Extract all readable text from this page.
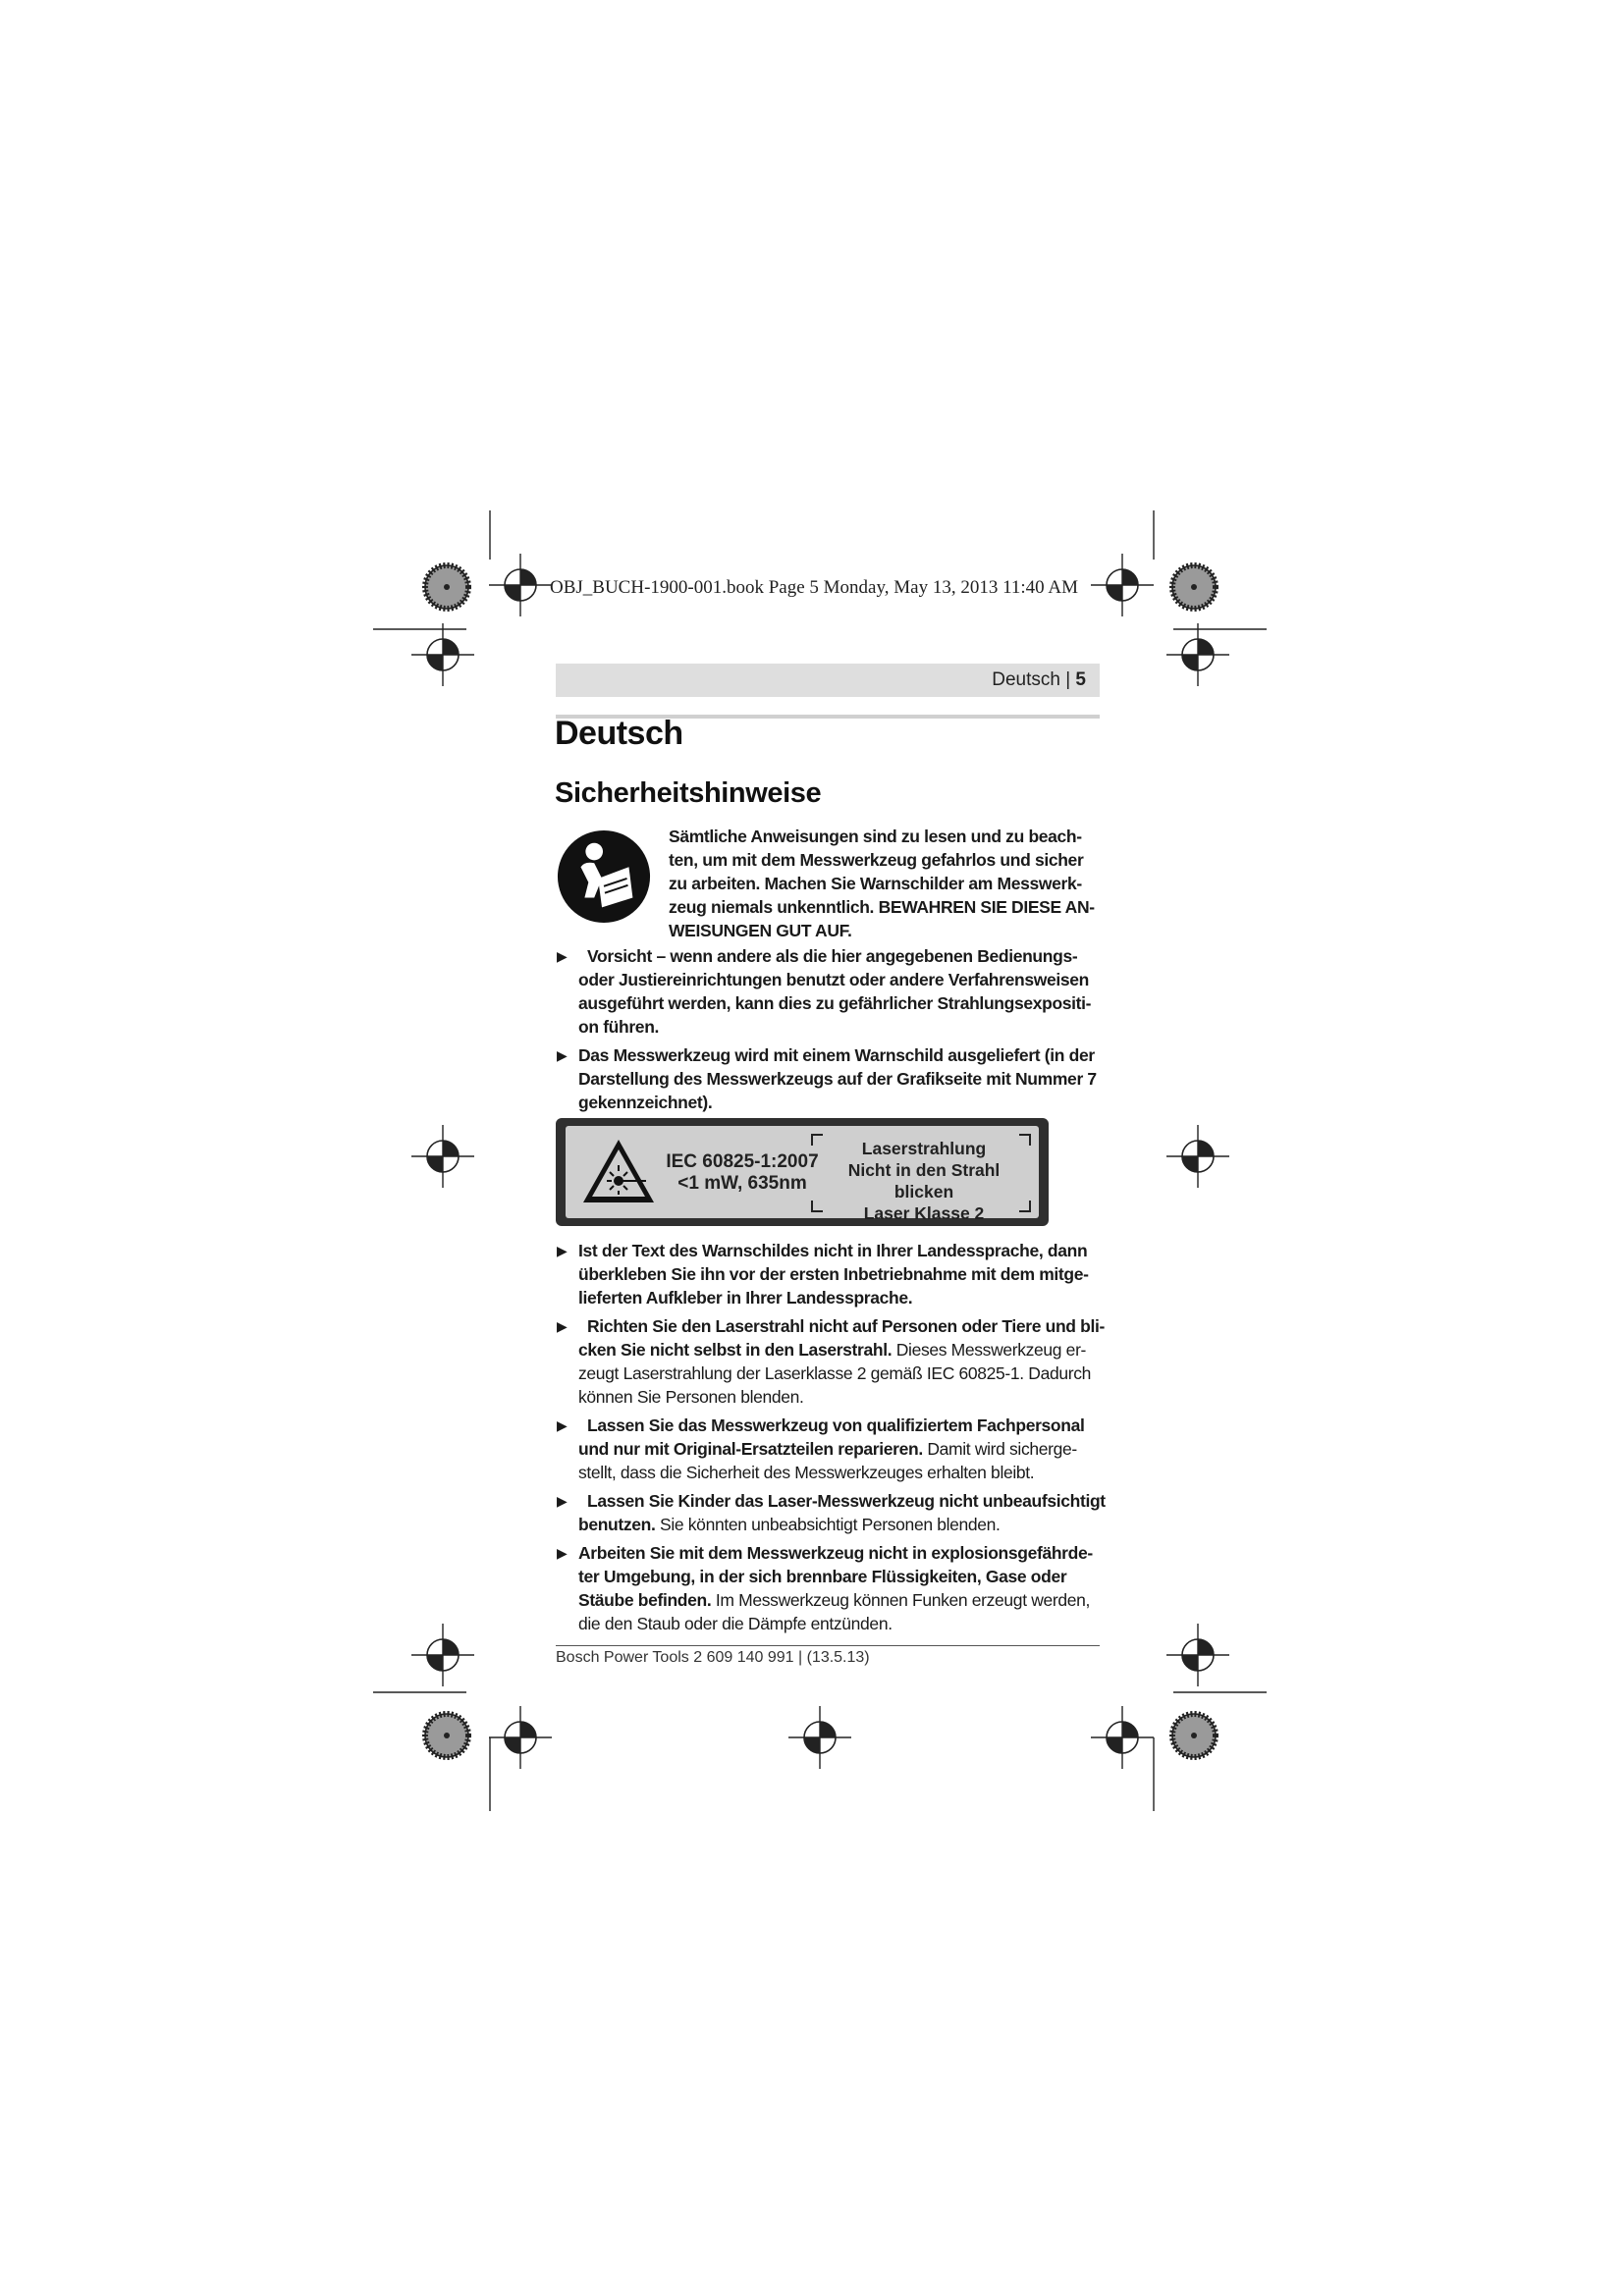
OBJ_BUCH-1900-001.book Page 5 Monday, May 13, 2013 11:40 AM
Deutsch | 5
Deutsch
Sicherheitshinweise
Sämtliche Anweisungen sind zu lesen und zu beach-
ten, um mit dem Messwerkzeug gefahrlos und sicher
zu arbeiten. Machen Sie Warnschilder am Messwerk-
zeug niemals unkenntlich. BEWAHREN SIE DIESE AN-
WEISUNGEN GUT AUF.
▶ Vorsicht – wenn andere als die hier angegebenen Bedienungs-
oder Justiereinrichtungen benutzt oder andere Verfahrensweisen
ausgeführt werden, kann dies zu gefährlicher Strahlungsexpositi-
on führen.
▶ Das Messwerkzeug wird mit einem Warnschild ausgeliefert (in der
Darstellung des Messwerkzeugs auf der Grafikseite mit Nummer 7
gekennzeichnet).
IEC 60825-1:2007
<1 mW, 635nm
Laserstrahlung
Nicht in den Strahl blicken
Laser Klasse 2
▶ Ist der Text des Warnschildes nicht in Ihrer Landessprache, dann
überkleben Sie ihn vor der ersten Inbetriebnahme mit dem mitge-
lieferten Aufkleber in Ihrer Landessprache.
▶ Richten Sie den Laserstrahl nicht auf Personen oder Tiere und bli-
cken Sie nicht selbst in den Laserstrahl. Dieses Messwerkzeug er-
zeugt Laserstrahlung der Laserklasse 2 gemäß IEC 60825-1. Dadurch
können Sie Personen blenden.
▶ Lassen Sie das Messwerkzeug von qualifiziertem Fachpersonal
und nur mit Original-Ersatzteilen reparieren. Damit wird sicherge-
stellt, dass die Sicherheit des Messwerkzeuges erhalten bleibt.
▶ Lassen Sie Kinder das Laser-Messwerkzeug nicht unbeaufsichtigt
benutzen. Sie könnten unbeabsichtigt Personen blenden.
▶ Arbeiten Sie mit dem Messwerkzeug nicht in explosionsgefährde-
ter Umgebung, in der sich brennbare Flüssigkeiten, Gase oder
Stäube befinden. Im Messwerkzeug können Funken erzeugt werden,
die den Staub oder die Dämpfe entzünden.
Bosch Power Tools 2 609 140 991 | (13.5.13)
